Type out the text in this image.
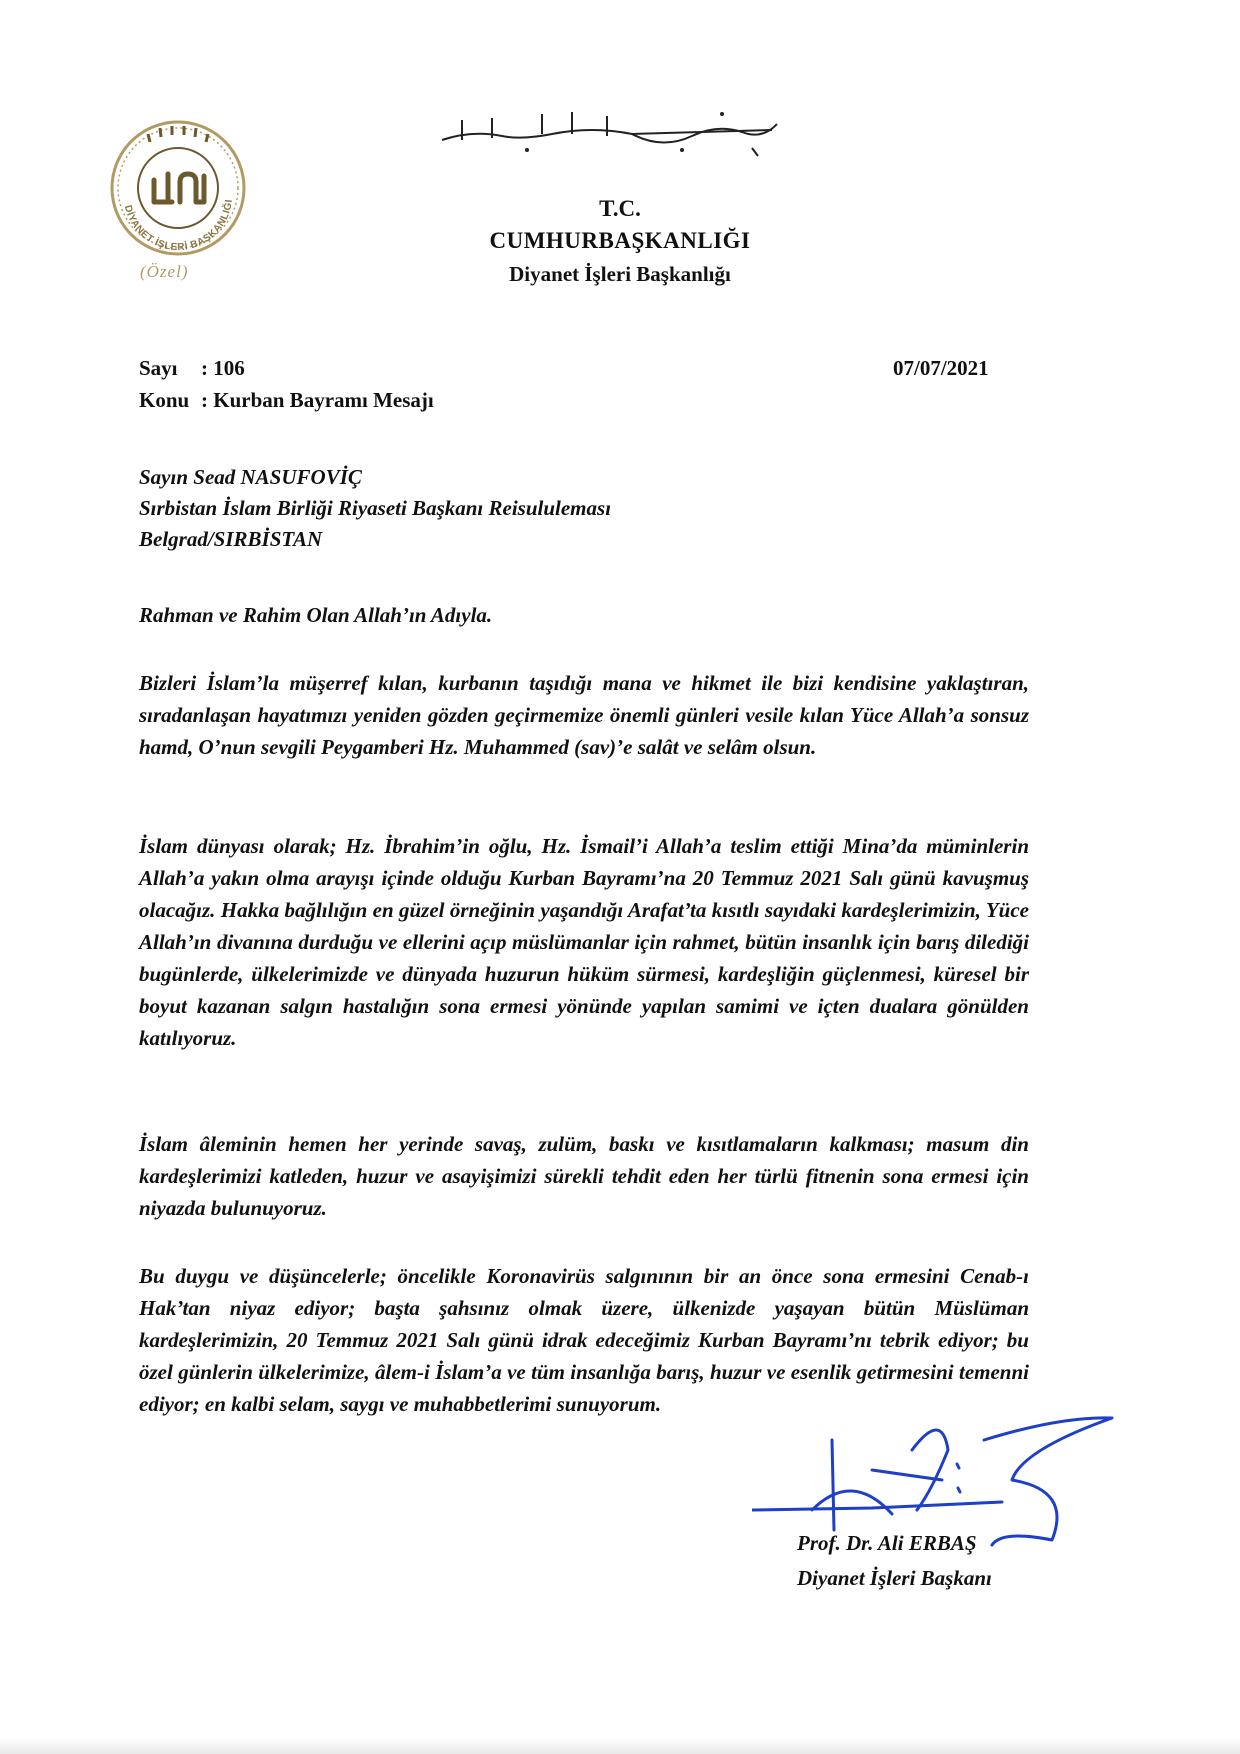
DİYANET İŞLERİ BAŞKANLIĞI
(Özel)
T.C.
CUMHURBAŞKANLIĞI
Diyanet İşleri Başkanlığı
Sayı : 106
Konu : Kurban Bayramı Mesajı
07/07/2021
Sayın Sead NASUFOVİÇ
Sırbistan İslam Birliği Riyaseti Başkanı Reisululeması
Belgrad/SIRBİSTAN
Rahman ve Rahim Olan Allah’ın Adıyla.
Bizleri İslam’la müşerref kılan, kurbanın taşıdığı mana ve hikmet ile bizi kendisine yaklaştıran, sıradanlaşan hayatımızı yeniden gözden geçirmemize önemli günleri vesile kılan Yüce Allah’a sonsuz hamd, O’nun sevgili Peygamberi Hz. Muhammed (sav)’e salât ve selâm olsun.
İslam dünyası olarak; Hz. İbrahim’in oğlu, Hz. İsmail’i Allah’a teslim ettiği Mina’da müminlerin Allah’a yakın olma arayışı içinde olduğu Kurban Bayramı’na 20 Temmuz 2021 Salı günü kavuşmuş olacağız. Hakka bağlılığın en güzel örneğinin yaşandığı Arafat’ta kısıtlı sayıdaki kardeşlerimizin, Yüce Allah’ın divanına durduğu ve ellerini açıp müslümanlar için rahmet, bütün insanlık için barış dilediği bugünlerde, ülkelerimizde ve dünyada huzurun hüküm sürmesi, kardeşliğin güçlenmesi, küresel bir boyut kazanan salgın hastalığın sona ermesi yönünde yapılan samimi ve içten dualara gönülden katılıyoruz.
İslam âleminin hemen her yerinde savaş, zulüm, baskı ve kısıtlamaların kalkması; masum din kardeşlerimizi katleden, huzur ve asayişimizi sürekli tehdit eden her türlü fitnenin sona ermesi için niyazda bulunuyoruz.
Bu duygu ve düşüncelerle; öncelikle Koronavirüs salgınının bir an önce sona ermesini Cenab-ı Hak’tan niyaz ediyor; başta şahsınız olmak üzere, ülkenizde yaşayan bütün Müslüman kardeşlerimizin, 20 Temmuz 2021 Salı günü idrak edeceğimiz Kurban Bayramı’nı tebrik ediyor; bu özel günlerin ülkelerimize, âlem-i İslam’a ve tüm insanlığa barış, huzur ve esenlik getirmesini temenni ediyor; en kalbi selam, saygı ve muhabbetlerimi sunuyorum.
Prof. Dr. Ali ERBAŞ
Diyanet İşleri Başkanı
